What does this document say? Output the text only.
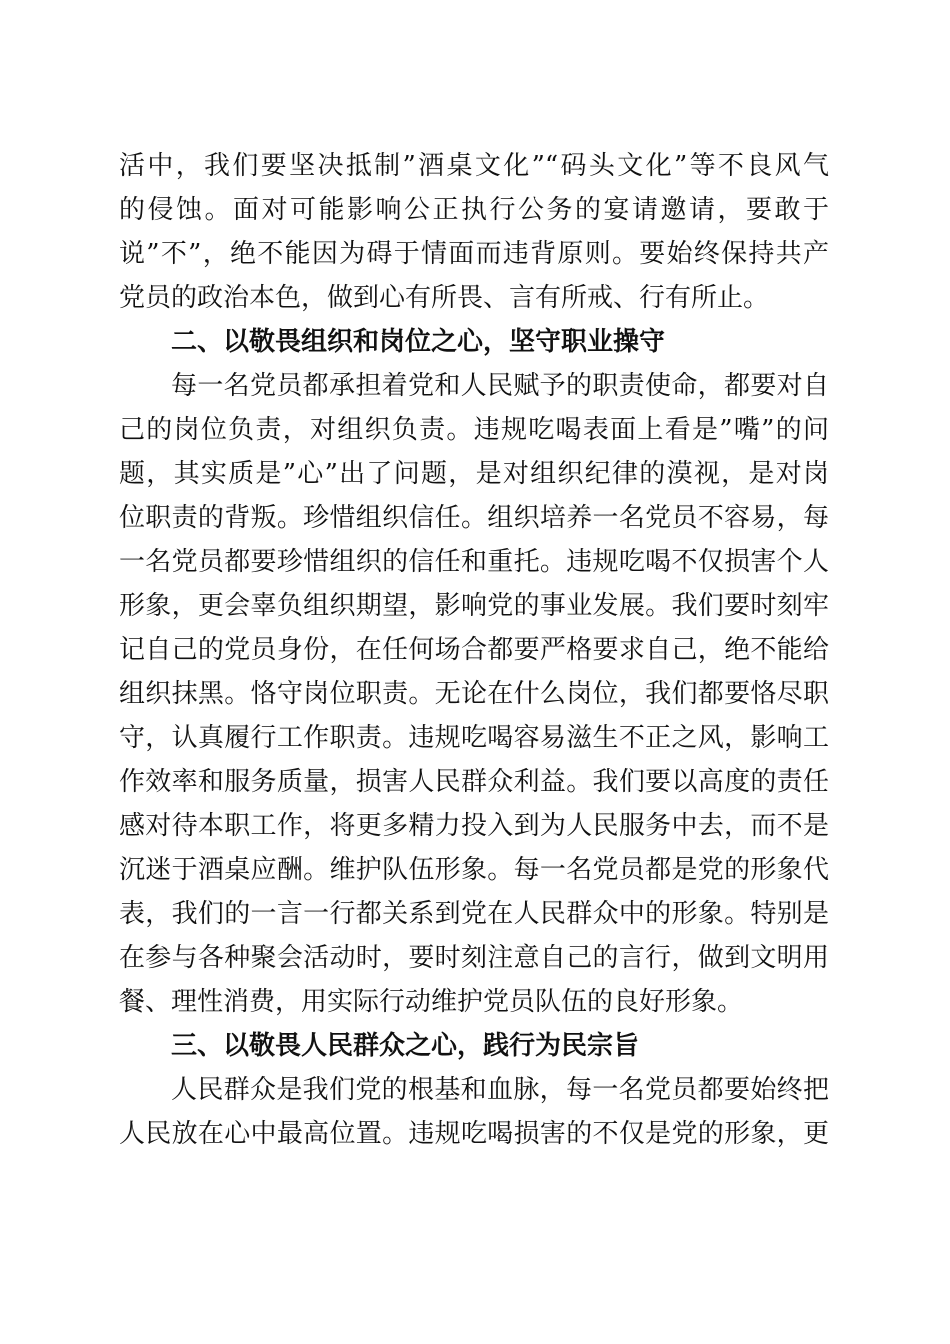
活中，我们要坚决抵制”酒桌文化”“码头文化”等不良风气
的侵蚀。面对可能影响公正执行公务的宴请邀请，要敢于
说”不”，绝不能因为碍于情面而违背原则。要始终保持共产
党员的政治本色，做到心有所畏、言有所戒、行有所止。
二、以敬畏组织和岗位之心，坚守职业操守
每一名党员都承担着党和人民赋予的职责使命，都要对自
己的岗位负责，对组织负责。违规吃喝表面上看是”嘴”的问
题，其实质是”心”出了问题，是对组织纪律的漠视，是对岗
位职责的背叛。珍惜组织信任。组织培养一名党员不容易，每
一名党员都要珍惜组织的信任和重托。违规吃喝不仅损害个人
形象，更会辜负组织期望，影响党的事业发展。我们要时刻牢
记自己的党员身份，在任何场合都要严格要求自己，绝不能给
组织抹黑。恪守岗位职责。无论在什么岗位，我们都要恪尽职
守，认真履行工作职责。违规吃喝容易滋生不正之风，影响工
作效率和服务质量，损害人民群众利益。我们要以高度的责任
感对待本职工作，将更多精力投入到为人民服务中去，而不是
沉迷于酒桌应酬。维护队伍形象。每一名党员都是党的形象代
表，我们的一言一行都关系到党在人民群众中的形象。特别是
在参与各种聚会活动时，要时刻注意自己的言行，做到文明用
餐、理性消费，用实际行动维护党员队伍的良好形象。
三、以敬畏人民群众之心，践行为民宗旨
人民群众是我们党的根基和血脉，每一名党员都要始终把
人民放在心中最高位置。违规吃喝损害的不仅是党的形象，更
